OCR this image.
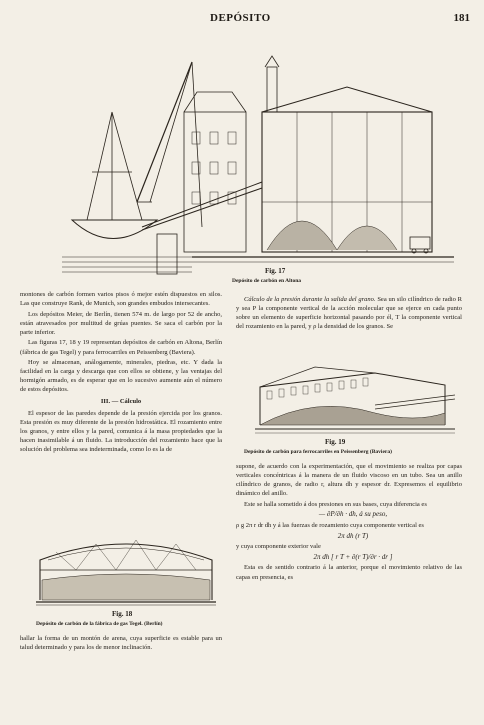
DEPÓSITO	181
Fig. 17
Depósito de carbón en Altona

montones de carbón formen varios pisos ó mejor estén dispuestos en silos. Las que construye Rank, de Munich, son grandes embudos intersecantes.

Los depósitos Meier, de Berlín, tienen 574 m. de largo por 52 de ancho, están atravesados por multitud de grúas puentes. Se saca el carbón por la parte inferior.

Las figuras 17, 18 y 19 representan depósitos de carbón en Altona, Berlín (fábrica de gas Tegel) y para ferrocarriles en Peissenberg (Baviera).

Hoy se almacenan, análogamente, minerales, piedras, etc. Y dada la facilidad en la carga y descarga que con ellos se obtiene, y las ventajas del hormigón armado, es de esperar que en lo sucesivo aumente aún el número de estos depósitos.

III. — Cálculo

El espesor de las paredes depende de la presión ejercida por los granos. Esta presión es muy diferente de la presión hidrostática. El rozamiento entre los granos, y entre ellos y la pared, comunica á la masa propiedades que la hacen inasimilable á un fluido. La introducción del rozamiento hace que la solución del problema sea indeterminada, como lo es la de

Fig. 18
Depósito de carbón de la fábrica de gas Tegel. (Berlín)

hallar la forma de un montón de arena, cuya superficie es estable para un talud determinado y para los de menor inclinación.

Cálculo de la presión durante la salida del grano. Sea un silo cilíndrico de radio R y sea P la componente vertical de la acción molecular que se ejerce en cada punto sobre un elemento de superficie horizontal pasando por él, T la componente vertical del rozamiento en la pared, y ρ la densidad de los granos. Se

Fig. 19
Depósito de carbón para ferrocarriles en Peissenberg (Baviera)

supone, de acuerdo con la experimentación, que el movimiento se realiza por capas verticales concéntricas á la manera de un fluido viscoso en un tubo. Sea un anillo cilíndrico de granos, de radio r, altura dh y espesor dr. Expresemos el equilibrio dinámico del anillo.

Este se halla sometido á dos presiones en sus bases, cuya diferencia es

— ∂P/∂h · dh, á su peso,

ρ g 2π r dr dh y á las fuerzas de rozamiento cuya componente vertical es

2π dh (r T)

y cuya componente exterior vale

2π dh [ r T + ∂(r T)/∂r · dr ]

Esta es de sentido contrario á la anterior, porque el movimiento relativo de las capas en presencia, es
